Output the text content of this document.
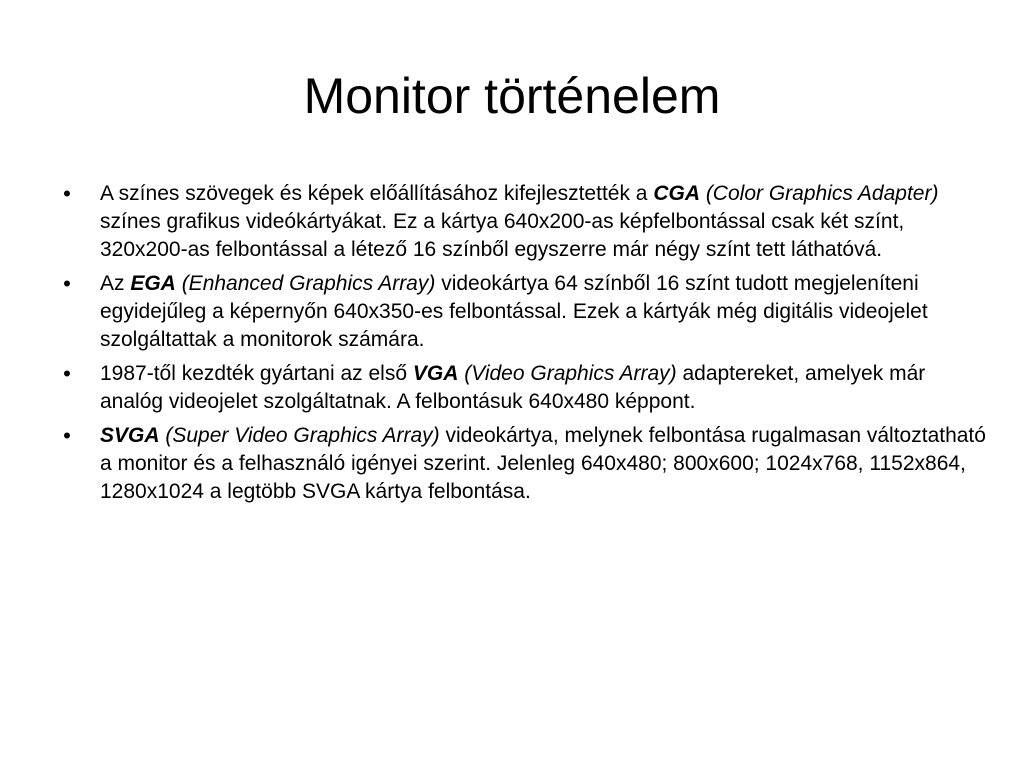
Monitor történelem
• A színes szövegek és képek előállításához kifejlesztették a CGA (Color Graphics Adapter) színes grafikus videókártyákat. Ez a kártya 640x200-as képfelbontással csak két színt, 320x200-as felbontással a létező 16 színből egyszerre már négy színt tett láthatóvá.
• Az EGA (Enhanced Graphics Array) videokártya 64 színből 16 színt tudott megjeleníteni egyidejűleg a képernyőn 640x350-es felbontással. Ezek a kártyák még digitális videojelet szolgáltattak a monitorok számára.
• 1987-től kezdték gyártani az első VGA (Video Graphics Array) adaptereket, amelyek már analóg videojelet szolgáltatnak. A felbontásuk 640x480 képpont.
• SVGA (Super Video Graphics Array) videokártya, melynek felbontása rugalmasan változtatható a monitor és a felhasználó igényei szerint. Jelenleg 640x480; 800x600; 1024x768, 1152x864, 1280x1024 a legtöbb SVGA kártya felbontása.
